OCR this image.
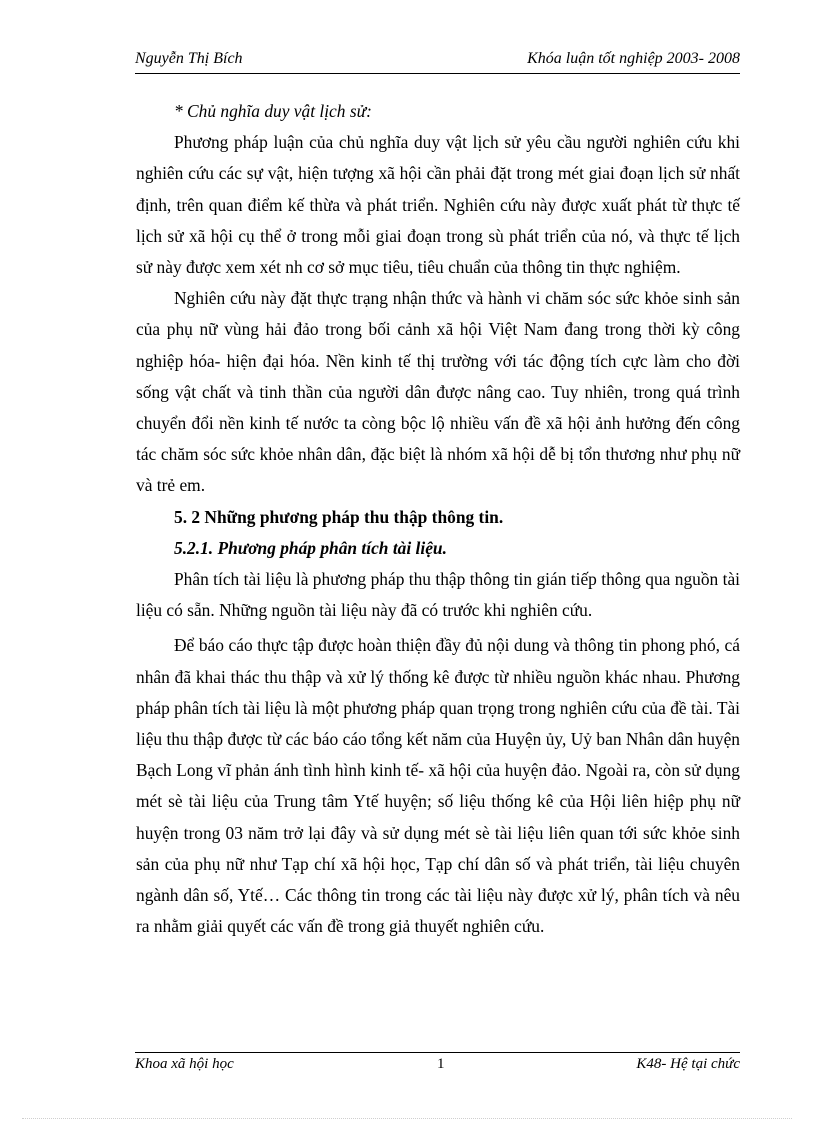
Nguyễn Thị Bích	Khóa luận tốt nghiệp 2003- 2008

* Chủ nghĩa duy vật lịch sử:

Phương pháp luận của chủ nghĩa duy vật lịch sử yêu cầu người nghiên cứu khi nghiên cứu các sự vật, hiện tượng xã hội cần phải đặt trong mét giai đoạn lịch sử nhất định, trên quan điểm kế thừa và phát triển. Nghiên cứu này được xuất phát từ thực tế lịch sử xã hội cụ thể ở trong mỗi giai đoạn trong sù phát triển của nó, và thực tế lịch sử này được xem xét nh cơ sở mục tiêu, tiêu chuẩn của thông tin thực nghiệm.

Nghiên cứu này đặt thực trạng nhận thức và hành vi chăm sóc sức khỏe sinh sản của phụ nữ vùng hải đảo trong bối cảnh xã hội Việt Nam đang trong thời kỳ công nghiệp hóa- hiện đại hóa. Nền kinh tế thị trường với tác động tích cực làm cho đời sống vật chất và tinh thần của người dân được nâng cao. Tuy nhiên, trong quá trình chuyển đổi nền kinh tế nước ta còng bộc lộ nhiều vấn đề xã hội ảnh hưởng đến công tác chăm sóc sức khỏe nhân dân, đặc biệt là nhóm xã hội dễ bị tổn thương như phụ nữ và trẻ em.

5. 2 Những phương pháp thu thập thông tin.

5.2.1. Phương pháp phân tích tài liệu.

Phân tích tài liệu là phương pháp thu thập thông tin gián tiếp thông qua nguồn tài liệu có sẵn. Những nguồn tài liệu này đã có trước khi nghiên cứu.

Để báo cáo thực tập được hoàn thiện đầy đủ nội dung và thông tin phong phó, cá nhân đã khai thác thu thập và xử lý thống kê được từ nhiều nguồn khác nhau. Phương pháp phân tích tài liệu là một phương pháp quan trọng trong nghiên cứu của đề tài. Tài liệu thu thập được từ các báo cáo tổng kết năm của Huyện ủy, Uỷ ban Nhân dân huyện Bạch Long vĩ phản ánh tình hình kinh tế- xã hội của huyện đảo. Ngoài ra, còn sử dụng mét sè tài liệu của Trung tâm Ytế huyện; số liệu thống kê của Hội liên hiệp phụ nữ huyện trong 03 năm trở lại đây và sử dụng mét sè tài liệu liên quan tới sức khỏe sinh sản của phụ nữ như Tạp chí xã hội học, Tạp chí dân số và phát triển, tài liệu chuyên ngành dân số, Ytế… Các thông tin trong các tài liệu này được xử lý, phân tích và nêu ra nhằm giải quyết các vấn đề trong giả thuyết nghiên cứu.

Khoa xã hội học	1	K48- Hệ tại chức
